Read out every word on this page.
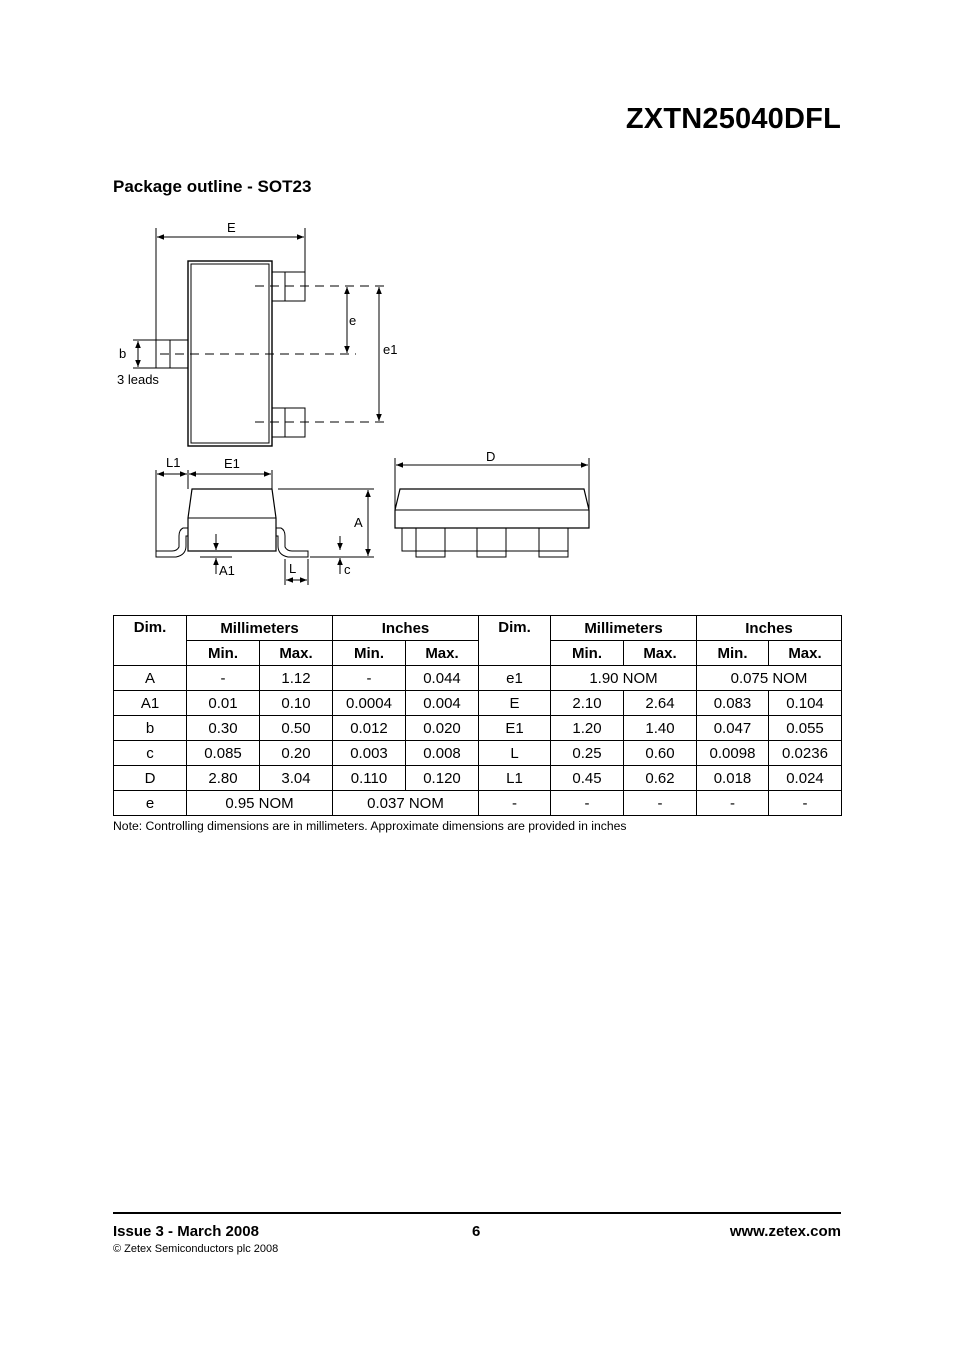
ZXTN25040DFL
Package outline - SOT23
E
e
e1
b
3 leads
L1	E1	D
A
A1	L	c
Dim.	Millimeters		Inches		Dim.	Millimeters		Inches	
	Min.	Max.	Min.	Max.		Min.	Max.	Min.	Max.
A	-	1.12	-	0.044	e1	1.90 NOM		0.075 NOM	
A1	0.01	0.10	0.0004	0.004	E	2.10	2.64	0.083	0.104
b	0.30	0.50	0.012	0.020	E1	1.20	1.40	0.047	0.055
c	0.085	0.20	0.003	0.008	L	0.25	0.60	0.0098	0.0236
D	2.80	3.04	0.110	0.120	L1	0.45	0.62	0.018	0.024
e	0.95 NOM		0.037 NOM		-	-	-	-	-
Note: Controlling dimensions are in millimeters. Approximate dimensions are provided in inches
Issue 3 - March 2008	6	www.zetex.com
© Zetex Semiconductors plc 2008
